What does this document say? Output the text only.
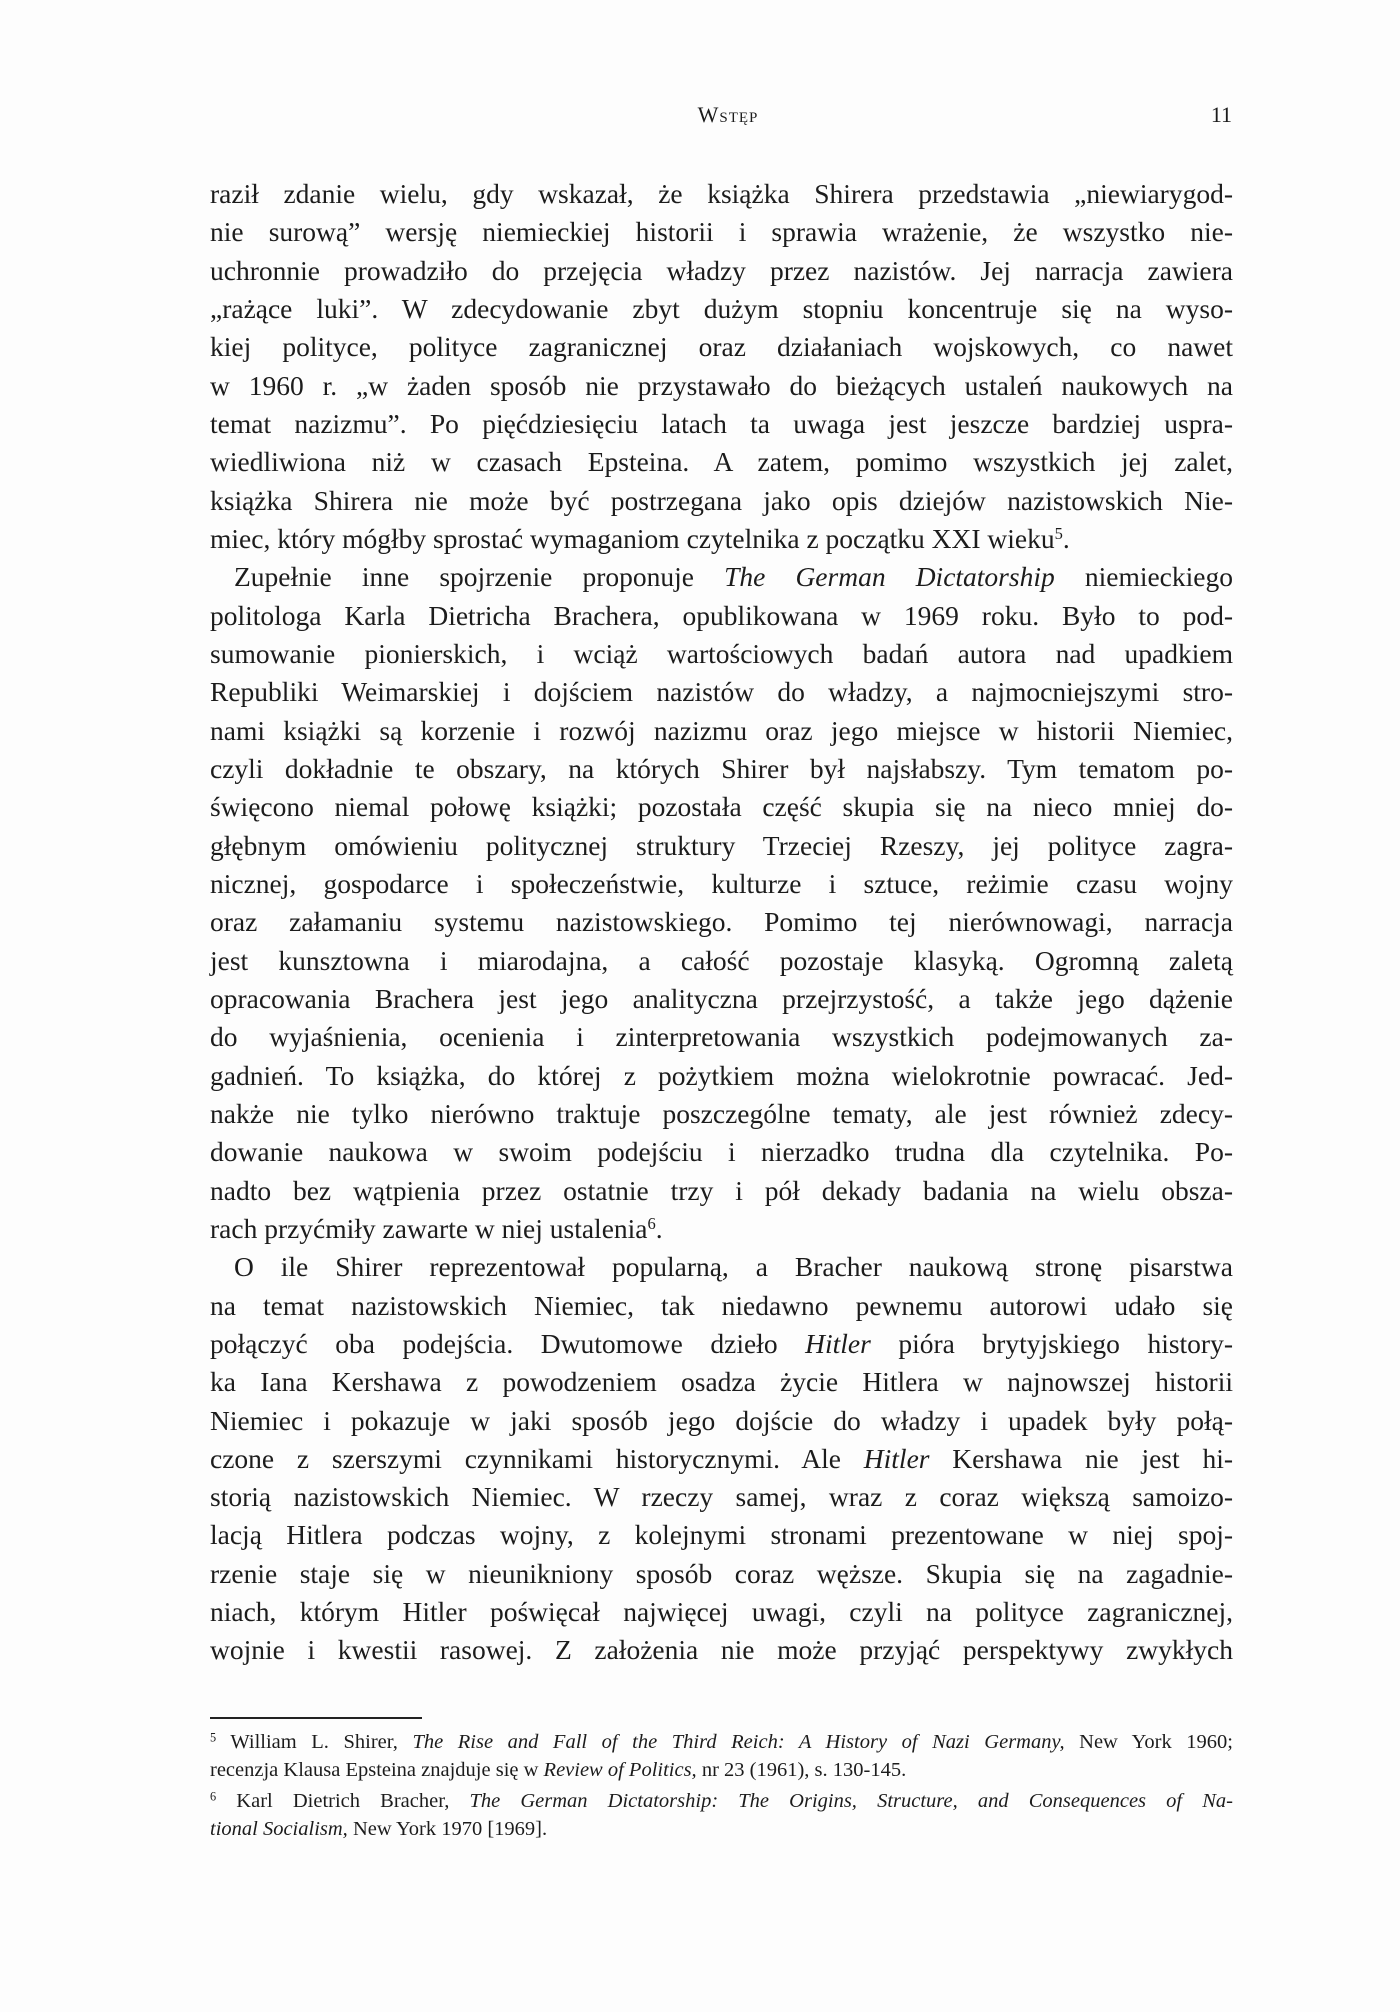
Wstęp	11
raził zdanie wielu, gdy wskazał, że książka Shirera przedstawia „niewiarygod-
nie surową” wersję niemieckiej historii i sprawia wrażenie, że wszystko nie-
uchronnie prowadziło do przejęcia władzy przez nazistów. Jej narracja zawiera
„rażące luki”. W zdecydowanie zbyt dużym stopniu koncentruje się na wyso-
kiej polityce, polityce zagranicznej oraz działaniach wojskowych, co nawet
w 1960 r. „w żaden sposób nie przystawało do bieżących ustaleń naukowych na
temat nazizmu”. Po pięćdziesięciu latach ta uwaga jest jeszcze bardziej uspra-
wiedliwiona niż w czasach Epsteina. A zatem, pomimo wszystkich jej zalet,
książka Shirera nie może być postrzegana jako opis dziejów nazistowskich Nie-
miec, który mógłby sprostać wymaganiom czytelnika z początku XXI wieku$^5$.
Zupełnie inne spojrzenie proponuje The German Dictatorship niemieckiego
politologa Karla Dietricha Brachera, opublikowana w 1969 roku. Było to pod-
sumowanie pionierskich, i wciąż wartościowych badań autora nad upadkiem
Republiki Weimarskiej i dojściem nazistów do władzy, a najmocniejszymi stro-
nami książki są korzenie i rozwój nazizmu oraz jego miejsce w historii Niemiec,
czyli dokładnie te obszary, na których Shirer był najsłabszy. Tym tematom po-
święcono niemal połowę książki; pozostała część skupia się na nieco mniej do-
głębnym omówieniu politycznej struktury Trzeciej Rzeszy, jej polityce zagra-
nicznej, gospodarce i społeczeństwie, kulturze i sztuce, reżimie czasu wojny
oraz załamaniu systemu nazistowskiego. Pomimo tej nierównowagi, narracja
jest kunsztowna i miarodajna, a całość pozostaje klasyką. Ogromną zaletą
opracowania Brachera jest jego analityczna przejrzystość, a także jego dążenie
do wyjaśnienia, ocenienia i zinterpretowania wszystkich podejmowanych za-
gadnień. To książka, do której z pożytkiem można wielokrotnie powracać. Jed-
nakże nie tylko nierówno traktuje poszczególne tematy, ale jest również zdecy-
dowanie naukowa w swoim podejściu i nierzadko trudna dla czytelnika. Po-
nadto bez wątpienia przez ostatnie trzy i pół dekady badania na wielu obsza-
rach przyćmiły zawarte w niej ustalenia$^6$.
O ile Shirer reprezentował popularną, a Bracher naukową stronę pisarstwa
na temat nazistowskich Niemiec, tak niedawno pewnemu autorowi udało się
połączyć oba podejścia. Dwutomowe dzieło Hitler pióra brytyjskiego history-
ka Iana Kershawa z powodzeniem osadza życie Hitlera w najnowszej historii
Niemiec i pokazuje w jaki sposób jego dojście do władzy i upadek były połą-
czone z szerszymi czynnikami historycznymi. Ale Hitler Kershawa nie jest hi-
storią nazistowskich Niemiec. W rzeczy samej, wraz z coraz większą samoizo-
lacją Hitlera podczas wojny, z kolejnymi stronami prezentowane w niej spoj-
rzenie staje się w nieunikniony sposób coraz węższe. Skupia się na zagadnie-
niach, którym Hitler poświęcał najwięcej uwagi, czyli na polityce zagranicznej,
wojnie i kwestii rasowej. Z założenia nie może przyjąć perspektywy zwykłych
$^5$ William L. Shirer, The Rise and Fall of the Third Reich: A History of Nazi Germany, New York 1960;
recenzja Klausa Epsteina znajduje się w Review of Politics, nr 23 (1961), s. 130-145.
$^6$ Karl Dietrich Bracher, The German Dictatorship: The Origins, Structure, and Consequences of Na-
tional Socialism, New York 1970 [1969].
